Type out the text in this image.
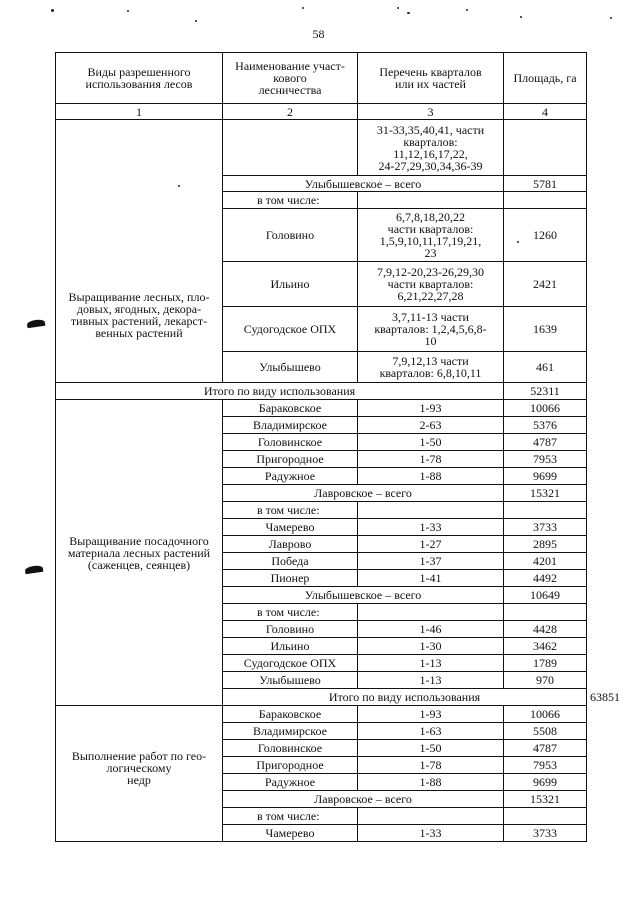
58
Виды разрешенного
использования лесов	Наименование участ-
кового
лесничества	Перечень кварталов
или их частей	Площадь, га	
1	2	3	4	
Выращивание лесных, пло-
довых, ягодных, декора-
тивных растений, лекарст-
венных растений		31-33,35,40,41, части
кварталов:
11,12,16,17,22,
24-27,29,30,34,36-39		
	Улыбышевское – всего		5781	
	в том числе:			
	Головино	6,7,8,18,20,22
части кварталов:
1,5,9,10,11,17,19,21,
23	1260	
	Ильино	7,9,12-20,23-26,29,30
части кварталов:
6,21,22,27,28	2421	
	Судогодское ОПХ	3,7,11-13 части
кварталов: 1,2,4,5,6,8-
10	1639	
	Улыбышево	7,9,12,13 части
кварталов: 6,8,10,11	461	
Итого по виду использования			52311	
Выращивание посадочного
материала лесных растений
(саженцев, сеянцев)	Бараковское	1-93	10066	
	Владимирское	2-63	5376	
	Головинское	1-50	4787	
	Пригородное	1-78	7953	
	Радужное	1-88	9699	
	Лавровское – всего		15321	
	в том числе:			
	Чамерево	1-33	3733	
	Лаврово	1-27	2895	
	Победа	1-37	4201	
	Пионер	1-41	4492	
	Улыбышевское – всего		10649	
	в том числе:			
	Головино	1-46	4428	
	Ильино	1-30	3462	
	Судогодское ОПХ	1-13	1789	
	Улыбышево	1-13	970	
	Итого по виду использования			63851
Выполнение работ по гео-
логическому
недр	Бараковское	1-93	10066	
	Владимирское	1-63	5508	
	Головинское	1-50	4787	
	Пригородное	1-78	7953	
	Радужное	1-88	9699	
	Лавровское – всего		15321	
	в том числе:			
	Чамерево	1-33	3733	
